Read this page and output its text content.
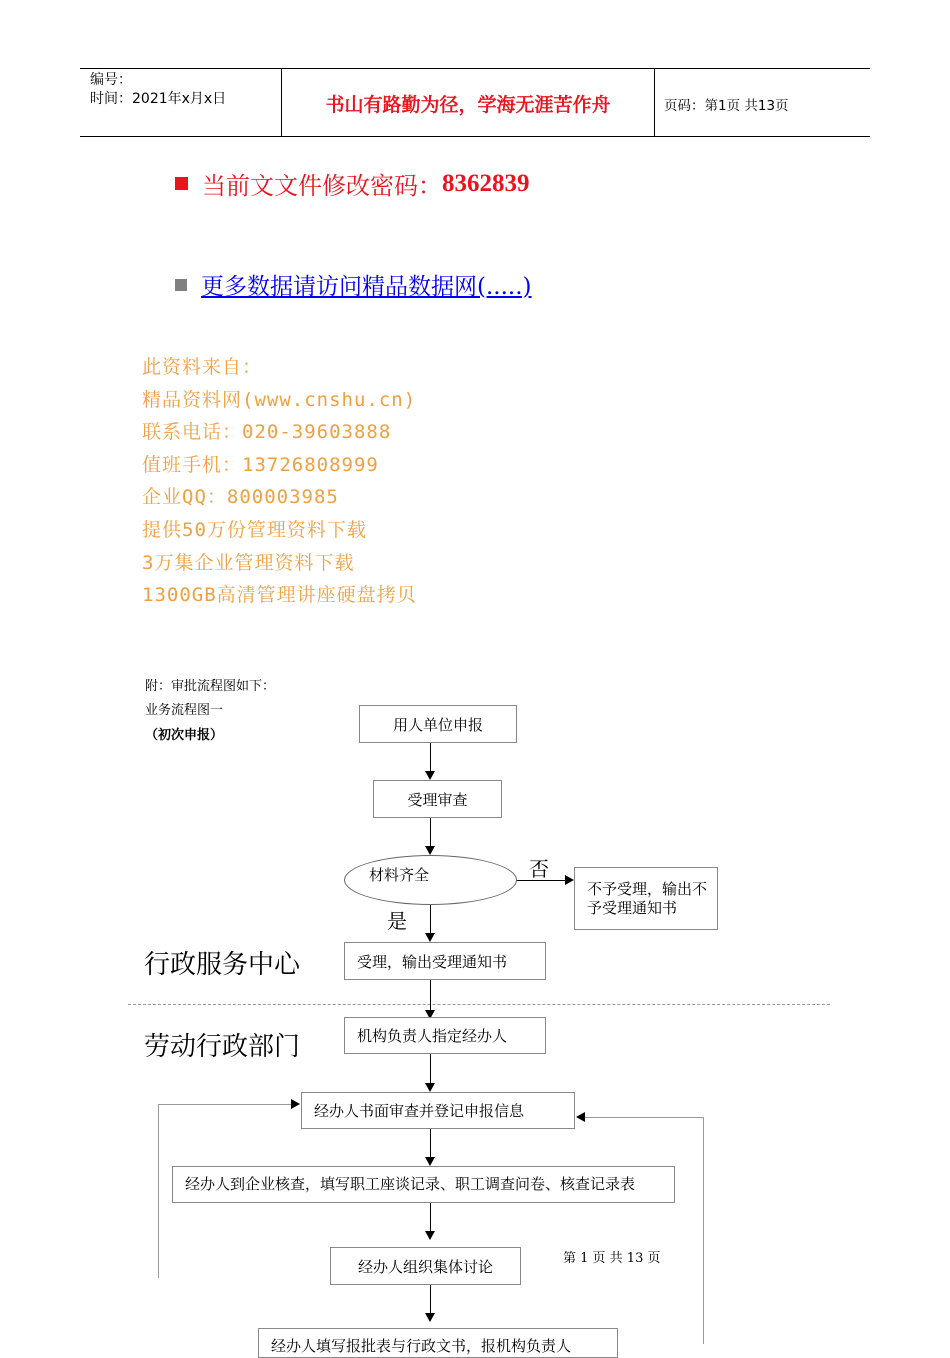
编号：
时间：2021年x月x日	书山有路勤为径，学海无涯苦作舟	页码：第1页 共13页
当前文文件修改密码： 8362839
更多数据请访问精品数据网(.....)
此资料来自：
精品资料网(www.cnshu.cn)
联系电话：020-39603888
值班手机：13726808999
企业QQ：800003985
提供50万份管理资料下载
3万集企业管理资料下载
1300GB高清管理讲座硬盘拷贝
附：审批流程图如下：
业务流程图一
（初次申报）
用人单位申报
受理审查
材料齐全	否
不予受理，输出不予受理通知书
是
行政服务中心	受理，输出受理通知书
劳动行政部门	机构负责人指定经办人
经办人书面审查并登记申报信息
经办人到企业核查，填写职工座谈记录、职工调查问卷、核查记录表
经办人组织集体讨论	第 1 页 共 13 页
经办人填写报批表与行政文书，报机构负责人
